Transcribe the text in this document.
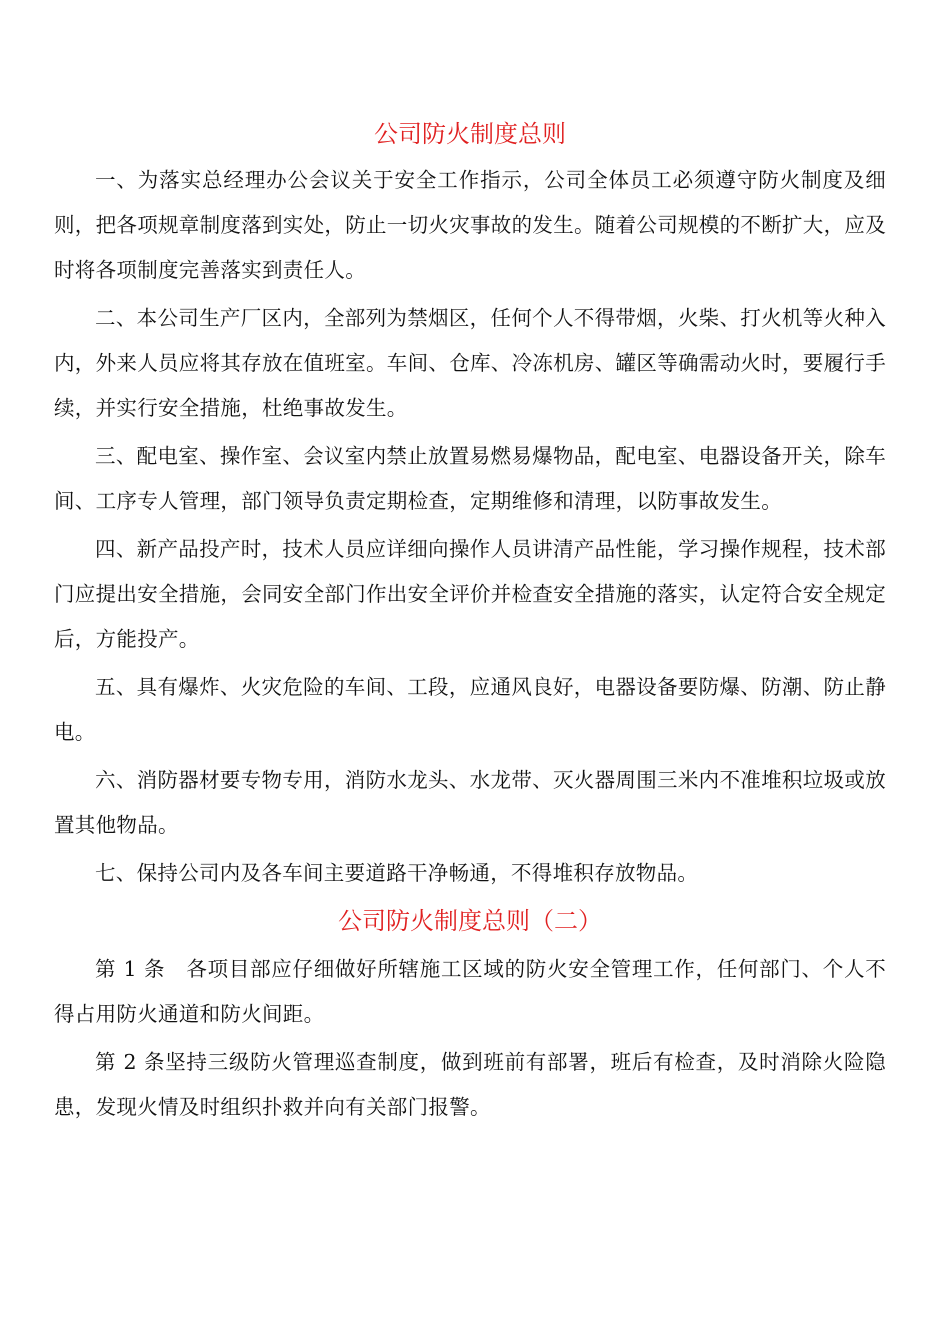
公司防火制度总则

一、为落实总经理办公会议关于安全工作指示，公司全体员工必须遵守防火制度及细则，把各项规章制度落到实处，防止一切火灾事故的发生。随着公司规模的不断扩大，应及时将各项制度完善落实到责任人。

二、本公司生产厂区内，全部列为禁烟区，任何个人不得带烟，火柴、打火机等火种入内，外来人员应将其存放在值班室。车间、仓库、冷冻机房、罐区等确需动火时，要履行手续，并实行安全措施，杜绝事故发生。

三、配电室、操作室、会议室内禁止放置易燃易爆物品，配电室、电器设备开关，除车间、工序专人管理，部门领导负责定期检查，定期维修和清理，以防事故发生。

四、新产品投产时，技术人员应详细向操作人员讲清产品性能，学习操作规程，技术部门应提出安全措施，会同安全部门作出安全评价并检查安全措施的落实，认定符合安全规定后，方能投产。

五、具有爆炸、火灾危险的车间、工段，应通风良好，电器设备要防爆、防潮、防止静电。

六、消防器材要专物专用，消防水龙头、水龙带、灭火器周围三米内不准堆积垃圾或放置其他物品。

七、保持公司内及各车间主要道路干净畅通，不得堆积存放物品。

公司防火制度总则（二）

第 1 条　各项目部应仔细做好所辖施工区域的防火安全管理工作，任何部门、个人不得占用防火通道和防火间距。

第 2 条坚持三级防火管理巡查制度，做到班前有部署，班后有检查，及时消除火险隐患，发现火情及时组织扑救并向有关部门报警。
